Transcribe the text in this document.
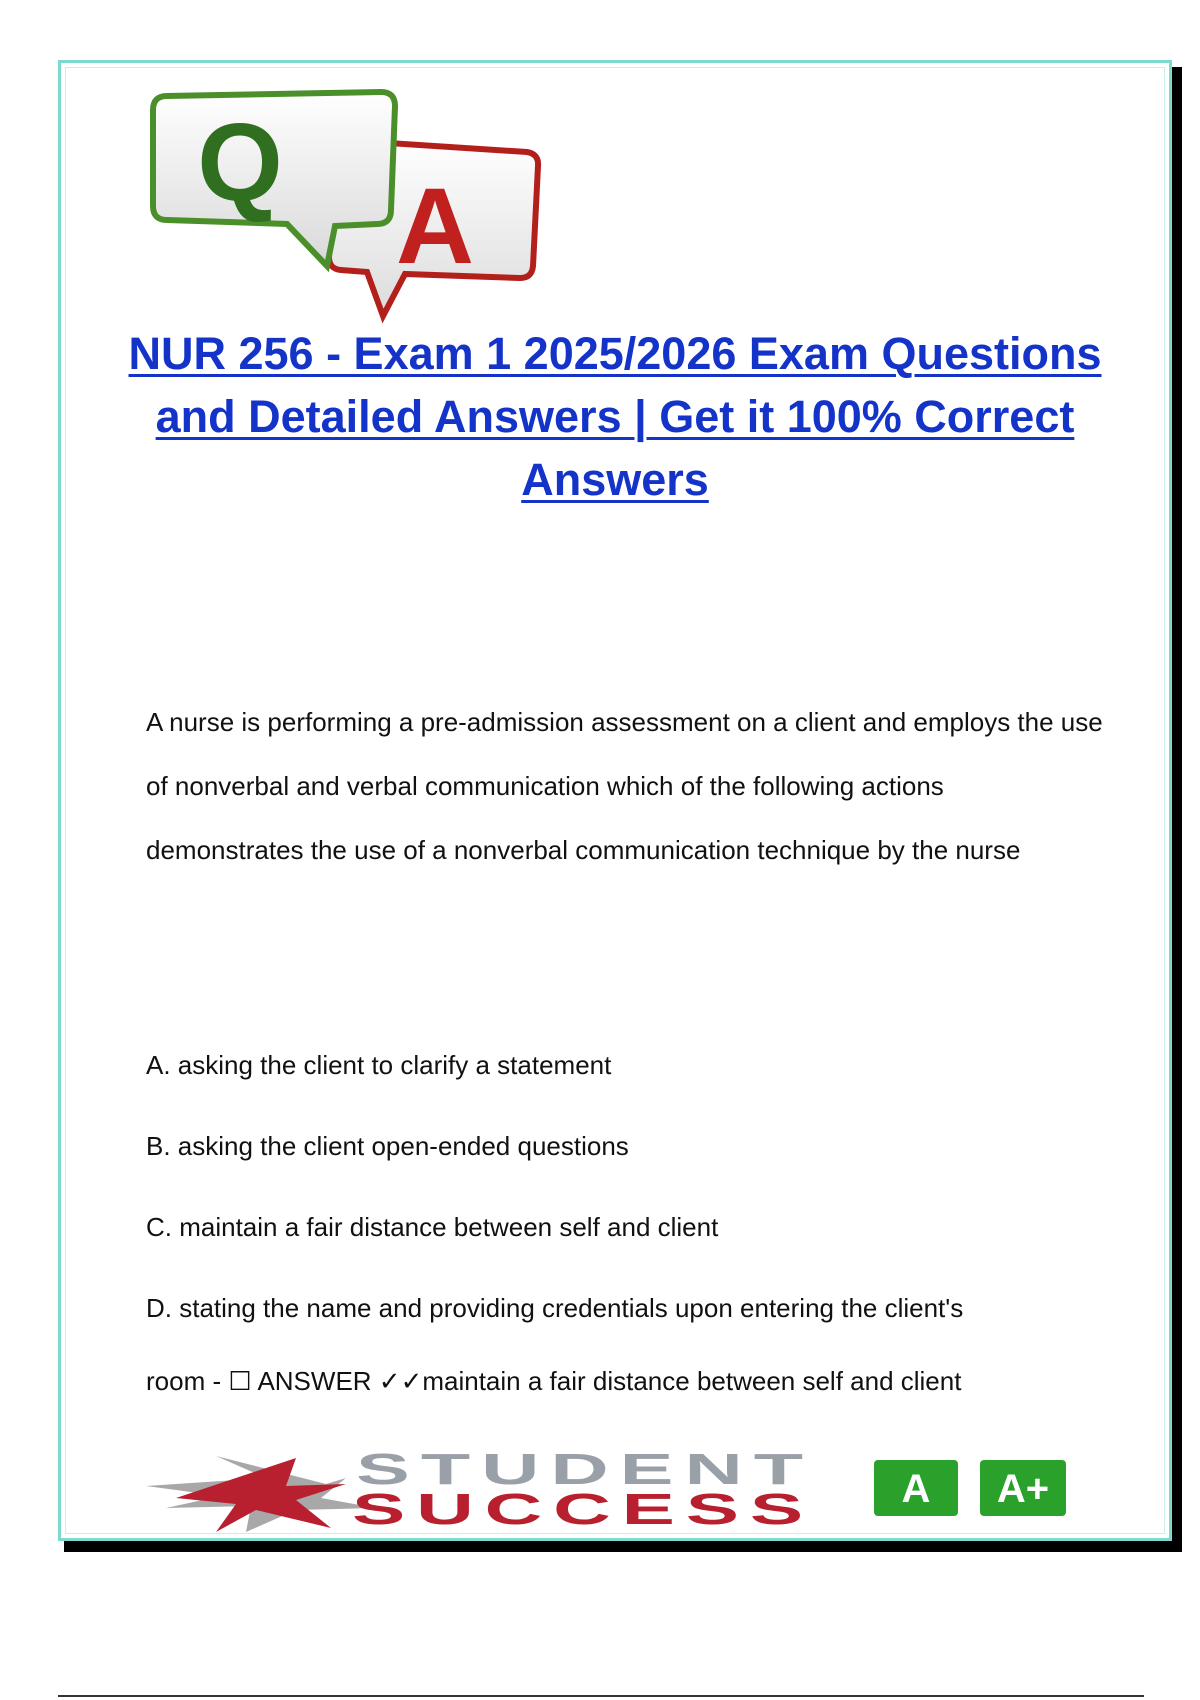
Q
A
NUR 256 - Exam 1 2025/2026 Exam Questions and Detailed Answers | Get it 100% Correct Answers

A nurse is performing a pre-admission assessment on a client and employs the use of nonverbal and verbal communication which of the following actions demonstrates the use of a nonverbal communication technique by the nurse

A. asking the client to clarify a statement

B. asking the client open-ended questions

C. maintain a fair distance between self and client

D. stating the name and providing credentials upon entering the client's

room - ☐ ANSWER ✓✓maintain a fair distance between self and client

STUDENT
SUCCESS A A+
